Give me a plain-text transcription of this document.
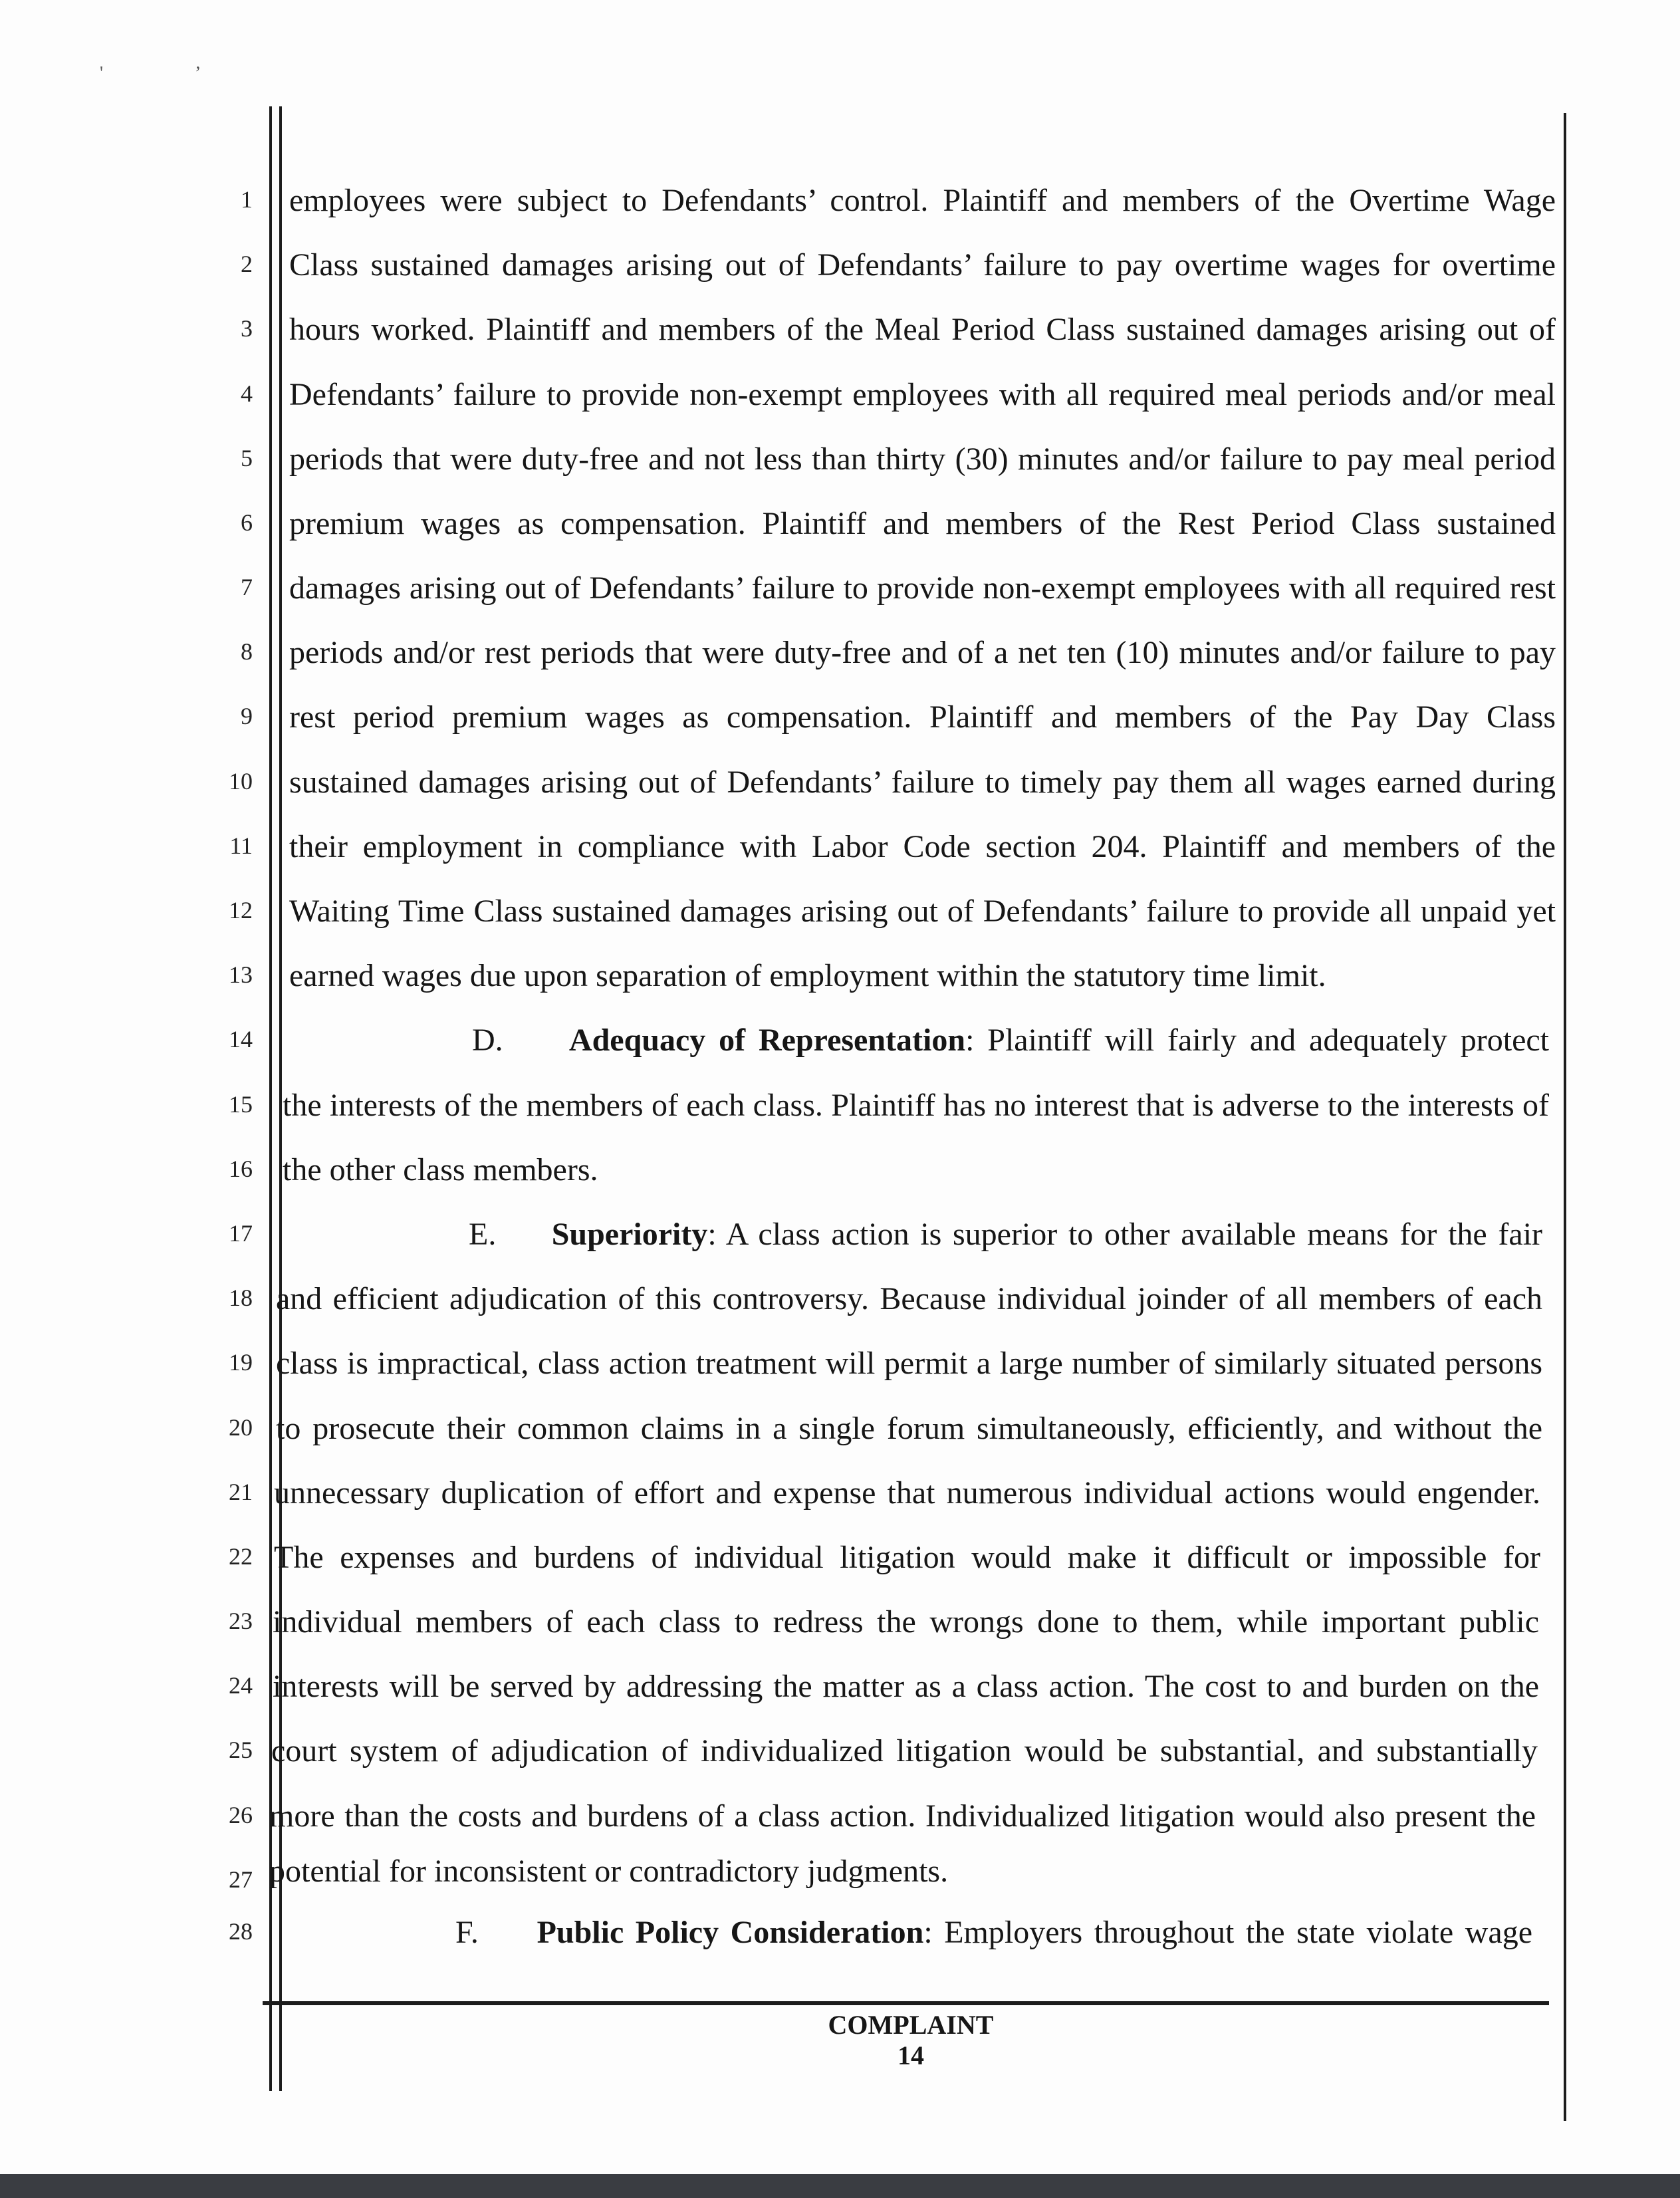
'	’
1
2
3
4
5
6
7
8
9
10
11
12
13
14
15
16
17
18
19
20
21
22
23
24
25
26
27
28
employees were subject to Defendants’ control. Plaintiff and members of the Overtime Wage
Class sustained damages arising out of Defendants’ failure to pay overtime wages for overtime
hours worked. Plaintiff and members of the Meal Period Class sustained damages arising out of
Defendants’ failure to provide non-exempt employees with all required meal periods and/or meal
periods that were duty-free and not less than thirty (30) minutes and/or failure to pay meal period
premium wages as compensation. Plaintiff and members of the Rest Period Class sustained
damages arising out of Defendants’ failure to provide non-exempt employees with all required rest
periods and/or rest periods that were duty-free and of a net ten (10) minutes and/or failure to pay
rest period premium wages as compensation. Plaintiff and members of the Pay Day Class
sustained damages arising out of Defendants’ failure to timely pay them all wages earned during
their employment in compliance with Labor Code section 204. Plaintiff and members of the
Waiting Time Class sustained damages arising out of Defendants’ failure to provide all unpaid yet
earned wages due upon separation of employment within the statutory time limit.
D. Adequacy of Representation: Plaintiff will fairly and adequately protect
the interests of the members of each class. Plaintiff has no interest that is adverse to the interests of
the other class members.
E. Superiority: A class action is superior to other available means for the fair
and efficient adjudication of this controversy. Because individual joinder of all members of each
class is impractical, class action treatment will permit a large number of similarly situated persons
to prosecute their common claims in a single forum simultaneously, efficiently, and without the
unnecessary duplication of effort and expense that numerous individual actions would engender.
The expenses and burdens of individual litigation would make it difficult or impossible for
individual members of each class to redress the wrongs done to them, while important public
interests will be served by addressing the matter as a class action. The cost to and burden on the
court system of adjudication of individualized litigation would be substantial, and substantially
more than the costs and burdens of a class action. Individualized litigation would also present the
potential for inconsistent or contradictory judgments.
F. Public Policy Consideration: Employers throughout the state violate wage
COMPLAINT
14
